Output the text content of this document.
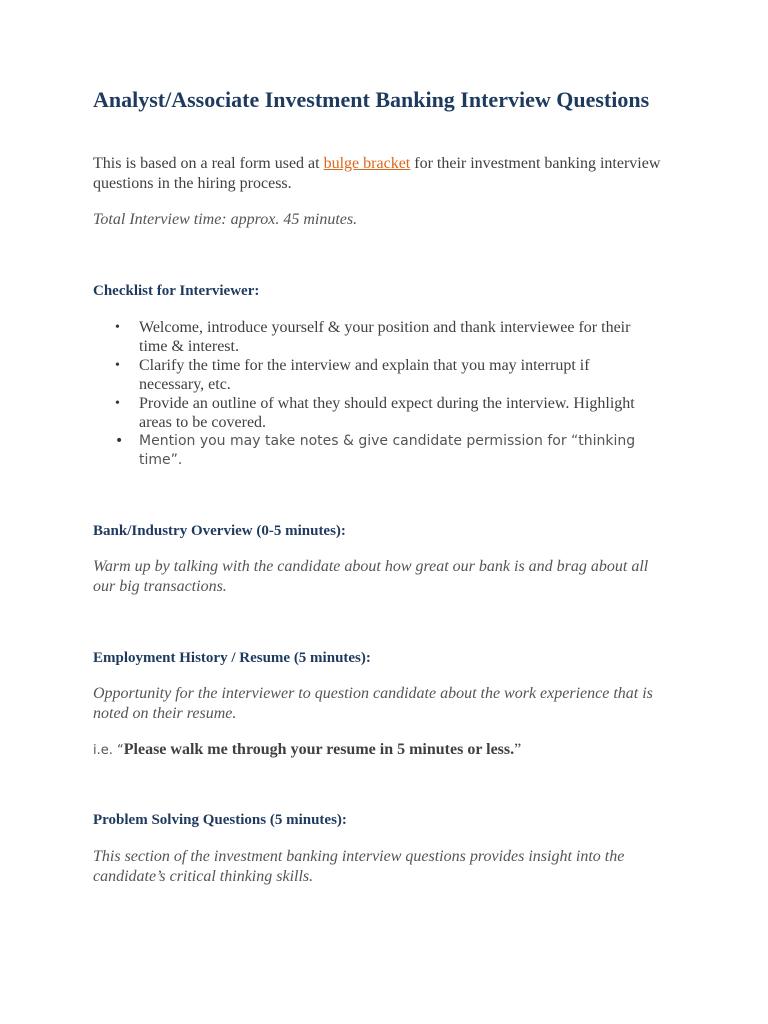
Analyst/Associate Investment Banking Interview Questions

This is based on a real form used at bulge bracket for their investment banking interview questions in the hiring process.

Total Interview time: approx. 45 minutes.

Checklist for Interviewer:
• Welcome, introduce yourself & your position and thank interviewee for their time & interest.
• Clarify the time for the interview and explain that you may interrupt if necessary, etc.
• Provide an outline of what they should expect during the interview. Highlight areas to be covered.
• Mention you may take notes & give candidate permission for “thinking time”.
Bank/Industry Overview (0-5 minutes):

Warm up by talking with the candidate about how great our bank is and brag about all our big transactions.

Employment History / Resume (5 minutes):

Opportunity for the interviewer to question candidate about the work experience that is noted on their resume.

i.e. “Please walk me through your resume in 5 minutes or less.”

Problem Solving Questions (5 minutes):

This section of the investment banking interview questions provides insight into the candidate’s critical thinking skills.
